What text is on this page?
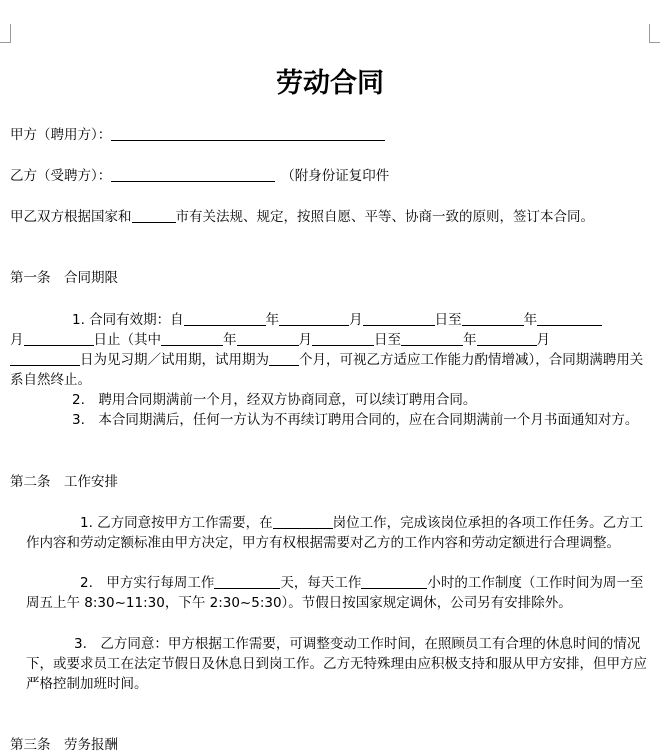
劳动合同
甲方（聘用方）：
乙方（受聘方）：	（附身份证复印件
甲乙双方根据国家和	市有关法规、规定，按照自愿、平等、协商一致的原则，签订本合同。
第一条　合同期限
1. 合同有效期：自	年	月	日至	年
月	日止（其中	年	月	日至	年	月
日为见习期／试用期，试用期为 个月，可视乙方适应工作能力酌情增减），合同期满聘用关系自然终止。
2.　聘用合同期满前一个月，经双方协商同意，可以续订聘用合同。
3.　本合同期满后，任何一方认为不再续订聘用合同的，应在合同期满前一个月书面通知对方。
第二条　工作安排
1. 乙方同意按甲方工作需要，在	岗位工作，完成该岗位承担的各项工作任务。乙方工作内容和劳动定额标准由甲方决定，甲方有权根据需要对乙方的工作内容和劳动定额进行合理调整。
2.　甲方实行每周工作	天，每天工作	小时的工作制度（工作时间为周一至周五上午 8:30~11:30，下午 2:30~5:30）。节假日按国家规定调休，公司另有安排除外。
3.　乙方同意：甲方根据工作需要，可调整变动工作时间，在照顾员工有合理的休息时间的情况下，或要求员工在法定节假日及休息日到岗工作。乙方无特殊理由应积极支持和服从甲方安排，但甲方应严格控制加班时间。
第三条　劳务报酬
